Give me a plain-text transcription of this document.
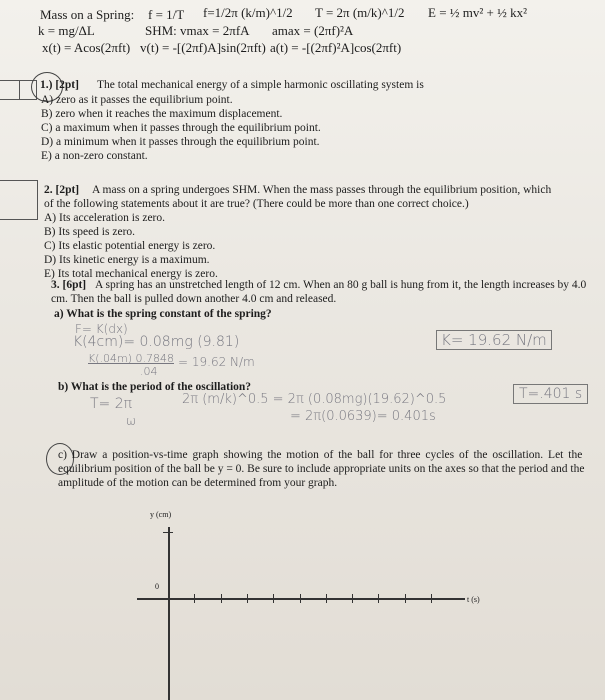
Mass on a Spring: f = 1/T f=1/2π (k/m)^1/2 T = 2π (m/k)^1/2 E = ½ mv² + ½ kx²
k = mg/ΔL	SHM: vmax = 2πfA amax = (2πf)²A
x(t) = Acos(2πft) v(t) = -[(2πf)A]sin(2πft) a(t) = -[(2πf)²A]cos(2πft)
1.) [2pt] The total mechanical energy of a simple harmonic oscillating system is
A) zero as it passes the equilibrium point.
B) zero when it reaches the maximum displacement.
C) a maximum when it passes through the equilibrium point.
D) a minimum when it passes through the equilibrium point.
E) a non-zero constant.
2. [2pt] A mass on a spring undergoes SHM. When the mass passes through the equilibrium position, which
of the following statements about it are true? (There could be more than one correct choice.)
A) Its acceleration is zero.
B) Its speed is zero.
C) Its elastic potential energy is zero.
D) Its kinetic energy is a maximum.
E) Its total mechanical energy is zero.
3. [6pt] A spring has an unstretched length of 12 cm. When an 80 g ball is hung from it, the length increases by 4.0
cm. Then the ball is pulled down another 4.0 cm and released.
a) What is the spring constant of the spring?
F= K(dx)
K(4cm)= 0.08mg (9.81)
K(.04m) 0.7848 = 19.62 N/m
.04
K= 19.62 N/m
b) What is the period of the oscillation?
T= 2π
ω
2π (m/k)^0.5 = 2π (0.08mg)(19.62)^0.5
= 2π(0.0639)= 0.401s
T=.401 s
c) Draw a position-vs-time graph showing the motion of the ball for three cycles of the oscillation. Let the
equilibrium position of the ball be y = 0. Be sure to include appropriate units on the axes so that the period and the
amplitude of the motion can be determined from your graph.
y (cm)
0
t (s)
